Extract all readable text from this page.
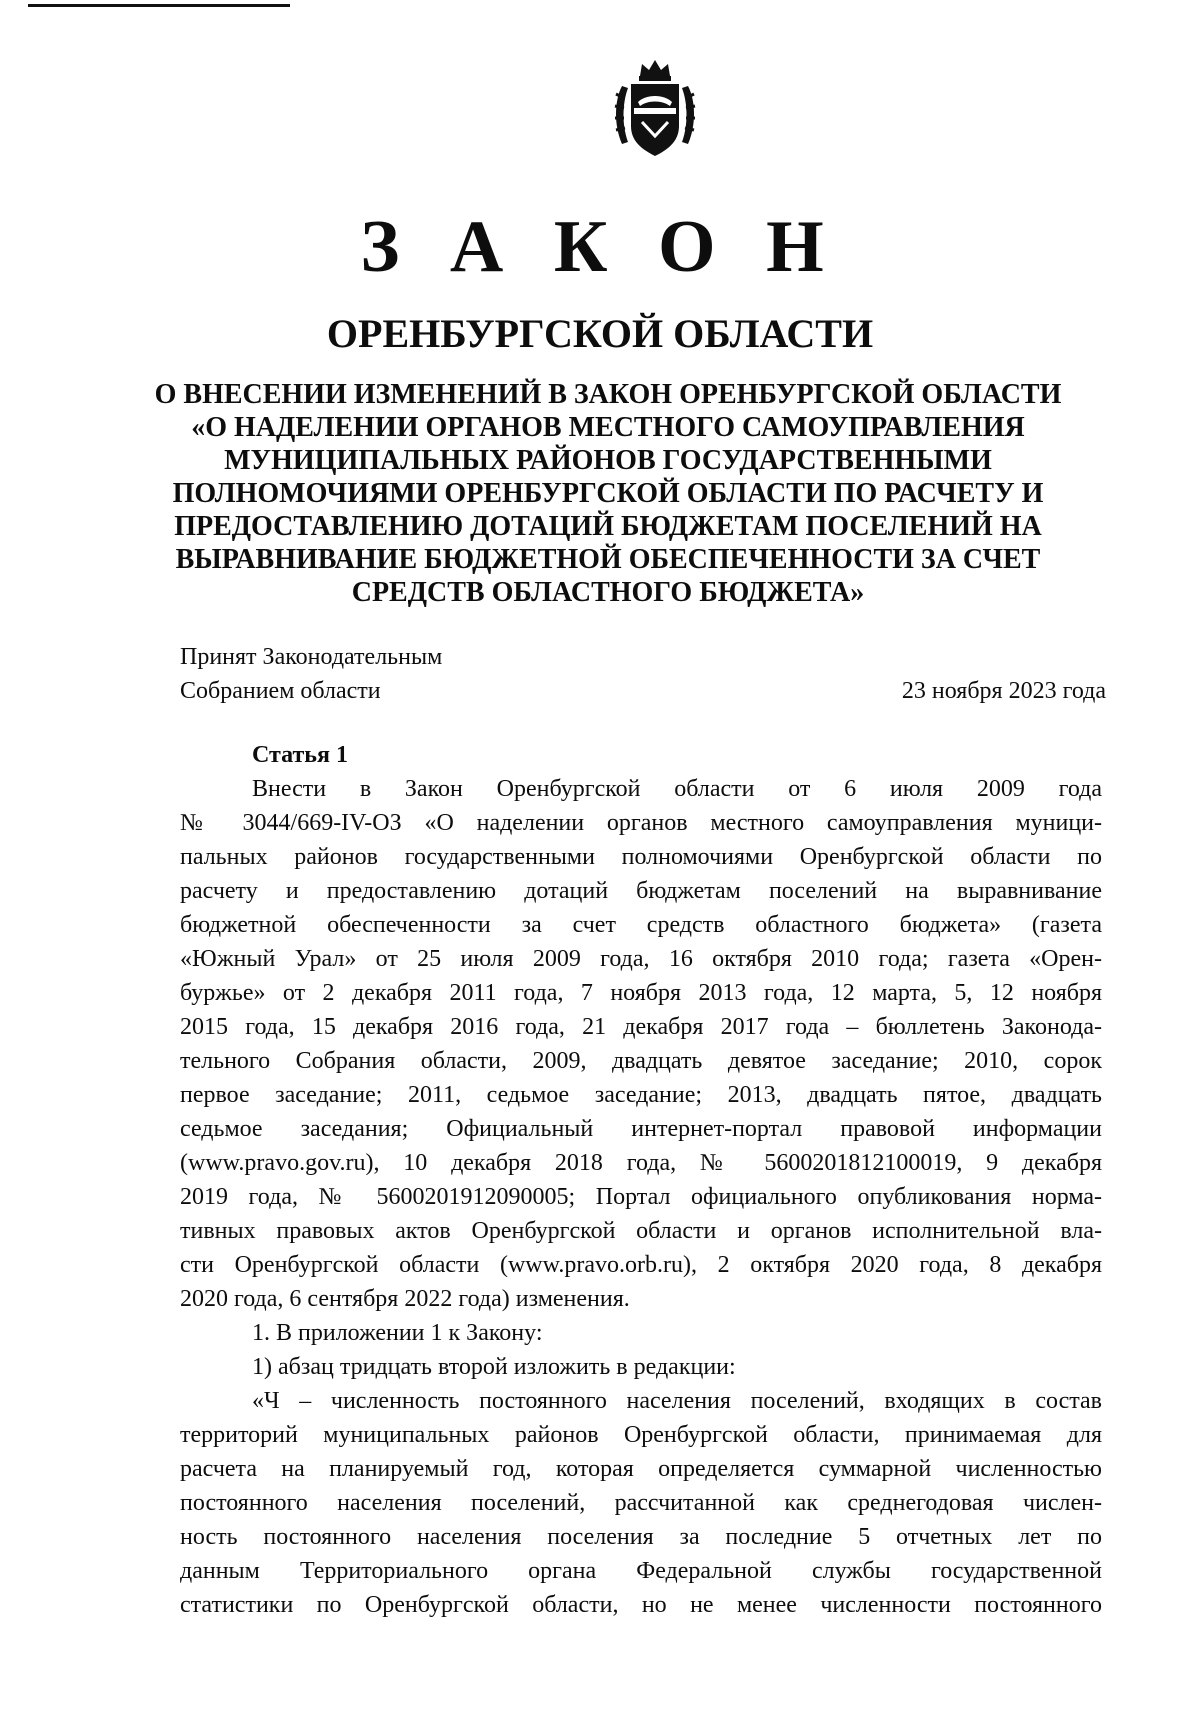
З А К О Н
ОРЕНБУРГСКОЙ ОБЛАСТИ
О ВНЕСЕНИИ ИЗМЕНЕНИЙ В ЗАКОН ОРЕНБУРГСКОЙ ОБЛАСТИ
«О НАДЕЛЕНИИ ОРГАНОВ МЕСТНОГО САМОУПРАВЛЕНИЯ
МУНИЦИПАЛЬНЫХ РАЙОНОВ ГОСУДАРСТВЕННЫМИ
ПОЛНОМОЧИЯМИ ОРЕНБУРГСКОЙ ОБЛАСТИ ПО РАСЧЕТУ И
ПРЕДОСТАВЛЕНИЮ ДОТАЦИЙ БЮДЖЕТАМ ПОСЕЛЕНИЙ НА
ВЫРАВНИВАНИЕ БЮДЖЕТНОЙ ОБЕСПЕЧЕННОСТИ ЗА СЧЕТ
СРЕДСТВ ОБЛАСТНОГО БЮДЖЕТА»
Принят Законодательным
Собранием области	23 ноября 2023 года
Статья 1
Внести в Закон Оренбургской области от 6 июля 2009 года
№ 3044/669-IV-ОЗ «О наделении органов местного самоуправления муници-
пальных районов государственными полномочиями Оренбургской области по
расчету и предоставлению дотаций бюджетам поселений на выравнивание
бюджетной обеспеченности за счет средств областного бюджета» (газета
«Южный Урал» от 25 июля 2009 года, 16 октября 2010 года; газета «Орен-
буржье» от 2 декабря 2011 года, 7 ноября 2013 года, 12 марта, 5, 12 ноября
2015 года, 15 декабря 2016 года, 21 декабря 2017 года – бюллетень Законода-
тельного Собрания области, 2009, двадцать девятое заседание; 2010, сорок
первое заседание; 2011, седьмое заседание; 2013, двадцать пятое, двадцать
седьмое заседания; Официальный интернет-портал правовой информации
(www.pravo.gov.ru), 10 декабря 2018 года, № 5600201812100019, 9 декабря
2019 года, № 5600201912090005; Портал официального опубликования норма-
тивных правовых актов Оренбургской области и органов исполнительной вла-
сти Оренбургской области (www.pravo.orb.ru), 2 октября 2020 года, 8 декабря
2020 года, 6 сентября 2022 года) изменения.
1. В приложении 1 к Закону:
1) абзац тридцать второй изложить в редакции:
«Ч – численность постоянного населения поселений, входящих в состав
территорий муниципальных районов Оренбургской области, принимаемая для
расчета на планируемый год, которая определяется суммарной численностью
постоянного населения поселений, рассчитанной как среднегодовая числен-
ность постоянного населения поселения за последние 5 отчетных лет по
данным Территориального органа Федеральной службы государственной
статистики по Оренбургской области, но не менее численности постоянного
